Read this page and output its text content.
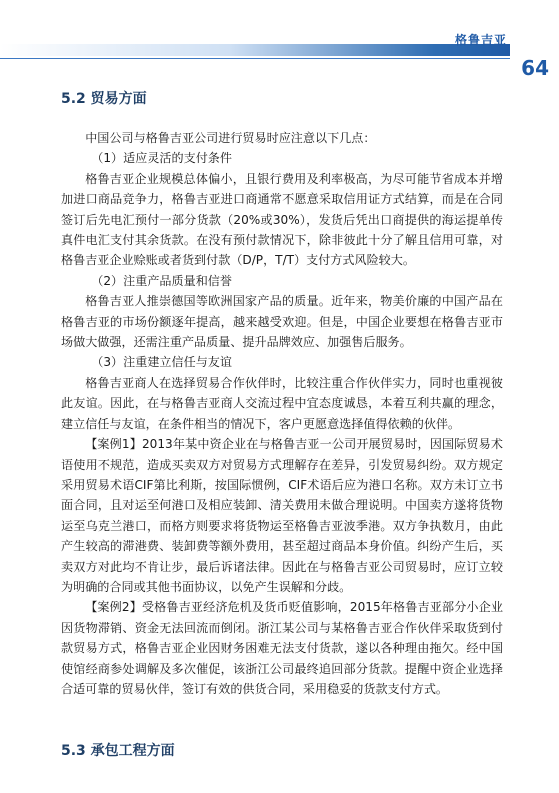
格鲁吉亚
64
5.2 贸易方面

中国公司与格鲁吉亚公司进行贸易时应注意以下几点：

（1）适应灵活的支付条件

格鲁吉亚企业规模总体偏小，且银行费用及利率极高，为尽可能节省成本并增加进口商品竞争力，格鲁吉亚进口商通常不愿意采取信用证方式结算，而是在合同签订后先电汇预付一部分货款（20%或30%），发货后凭出口商提供的海运提单传真件电汇支付其余货款。在没有预付款情况下，除非彼此十分了解且信用可靠，对格鲁吉亚企业赊账或者货到付款（D/P，T/T）支付方式风险较大。

（2）注重产品质量和信誉

格鲁吉亚人推崇德国等欧洲国家产品的质量。近年来，物美价廉的中国产品在格鲁吉亚的市场份额逐年提高，越来越受欢迎。但是，中国企业要想在格鲁吉亚市场做大做强，还需注重产品质量、提升品牌效应、加强售后服务。

（3）注重建立信任与友谊

格鲁吉亚商人在选择贸易合作伙伴时，比较注重合作伙伴实力，同时也重视彼此友谊。因此，在与格鲁吉亚商人交流过程中宜态度诚恳，本着互利共赢的理念，建立信任与友谊，在条件相当的情况下，客户更愿意选择值得依赖的伙伴。

【案例1】2013年某中资企业在与格鲁吉亚一公司开展贸易时，因国际贸易术语使用不规范，造成买卖双方对贸易方式理解存在差异，引发贸易纠纷。双方规定采用贸易术语CIF第比利斯，按国际惯例，CIF术语后应为港口名称。双方未订立书面合同，且对运至何港口及相应装卸、清关费用未做合理说明。中国卖方遂将货物运至乌克兰港口，而格方则要求将货物运至格鲁吉亚波季港。双方争执数月，由此产生较高的滞港费、装卸费等额外费用，甚至超过商品本身价值。纠纷产生后，买卖双方对此均不肯让步，最后诉诸法律。因此在与格鲁吉亚公司贸易时，应订立较为明确的合同或其他书面协议，以免产生误解和分歧。

【案例2】受格鲁吉亚经济危机及货币贬值影响，2015年格鲁吉亚部分小企业因货物滞销、资金无法回流而倒闭。浙江某公司与某格鲁吉亚合作伙伴采取货到付款贸易方式，格鲁吉亚企业因财务困难无法支付货款，遂以各种理由拖欠。经中国使馆经商参处调解及多次催促，该浙江公司最终追回部分货款。提醒中资企业选择合适可靠的贸易伙伴，签订有效的供货合同，采用稳妥的货款支付方式。

5.3 承包工程方面
